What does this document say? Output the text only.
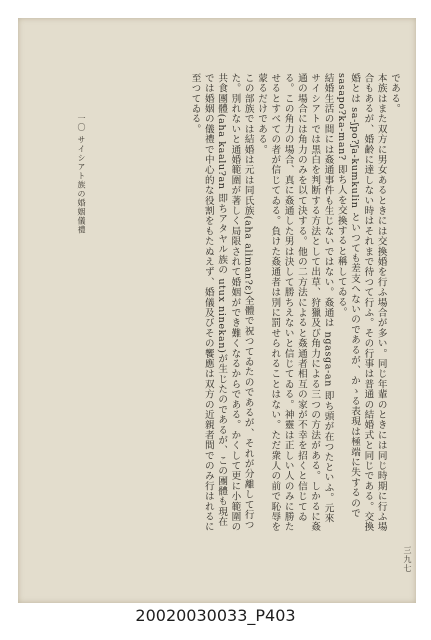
である。

本族はまた双方に男女あるときには交換婚を行ふ場合が多い。同じ年輩のときには同じ時期に行ふ場合もあるが、婚齢に達しない時はそれまで待つて行ふ。その行事は普通の結婚式と同じである。交換婚とは sa-ʃpo?ʃa-kumkulin といつても差支へないのであるが、かゝる表現は極端に失するので sasapo?ka-man? 即ち人を交換すると稱してゐる。

結婚生活の間には姦通事件も生じないではない。姦通は ngasga-an 即ち頭が在つたといふ。元來サイシアトでは黒白を判断する方法として出草、狩獵及び角力による三つの方法がある。しかるに姦通の場合には角力のみを以て決する。他の二方法によると姦通者相互の家が不幸を招くと信じてゐる。この角力の場合、真に姦通した男は決して勝ちえないと信じてゐる。神靈は正しい人のみに勝たせるとすべての者が信じてゐる。負けた姦通者は別に罰せられることはない。ただ衆人の前で恥辱を蒙るだけである。

この部族では結婚は元は同氏族(aha aliman?ɛ)全體で祝つてゐたのであるが、それが分離して行つた。別れないと通婚範圍が著しく局限されて婚姻ができ難くなるからである。かくして更に小範圍の共食團體(aha kaalu?an 即ちアタヤル族の utux ninekan)が生じたのであるが、この團體も現在では婚姻の儀禮で中心的な役割をもたぬえず、婚儀及びその饗應は双方の近親者間でのみ行はれるに至つてゐる。

一〇 サイシアト族の婚姻儀禮
三九七
20020030033_P403
